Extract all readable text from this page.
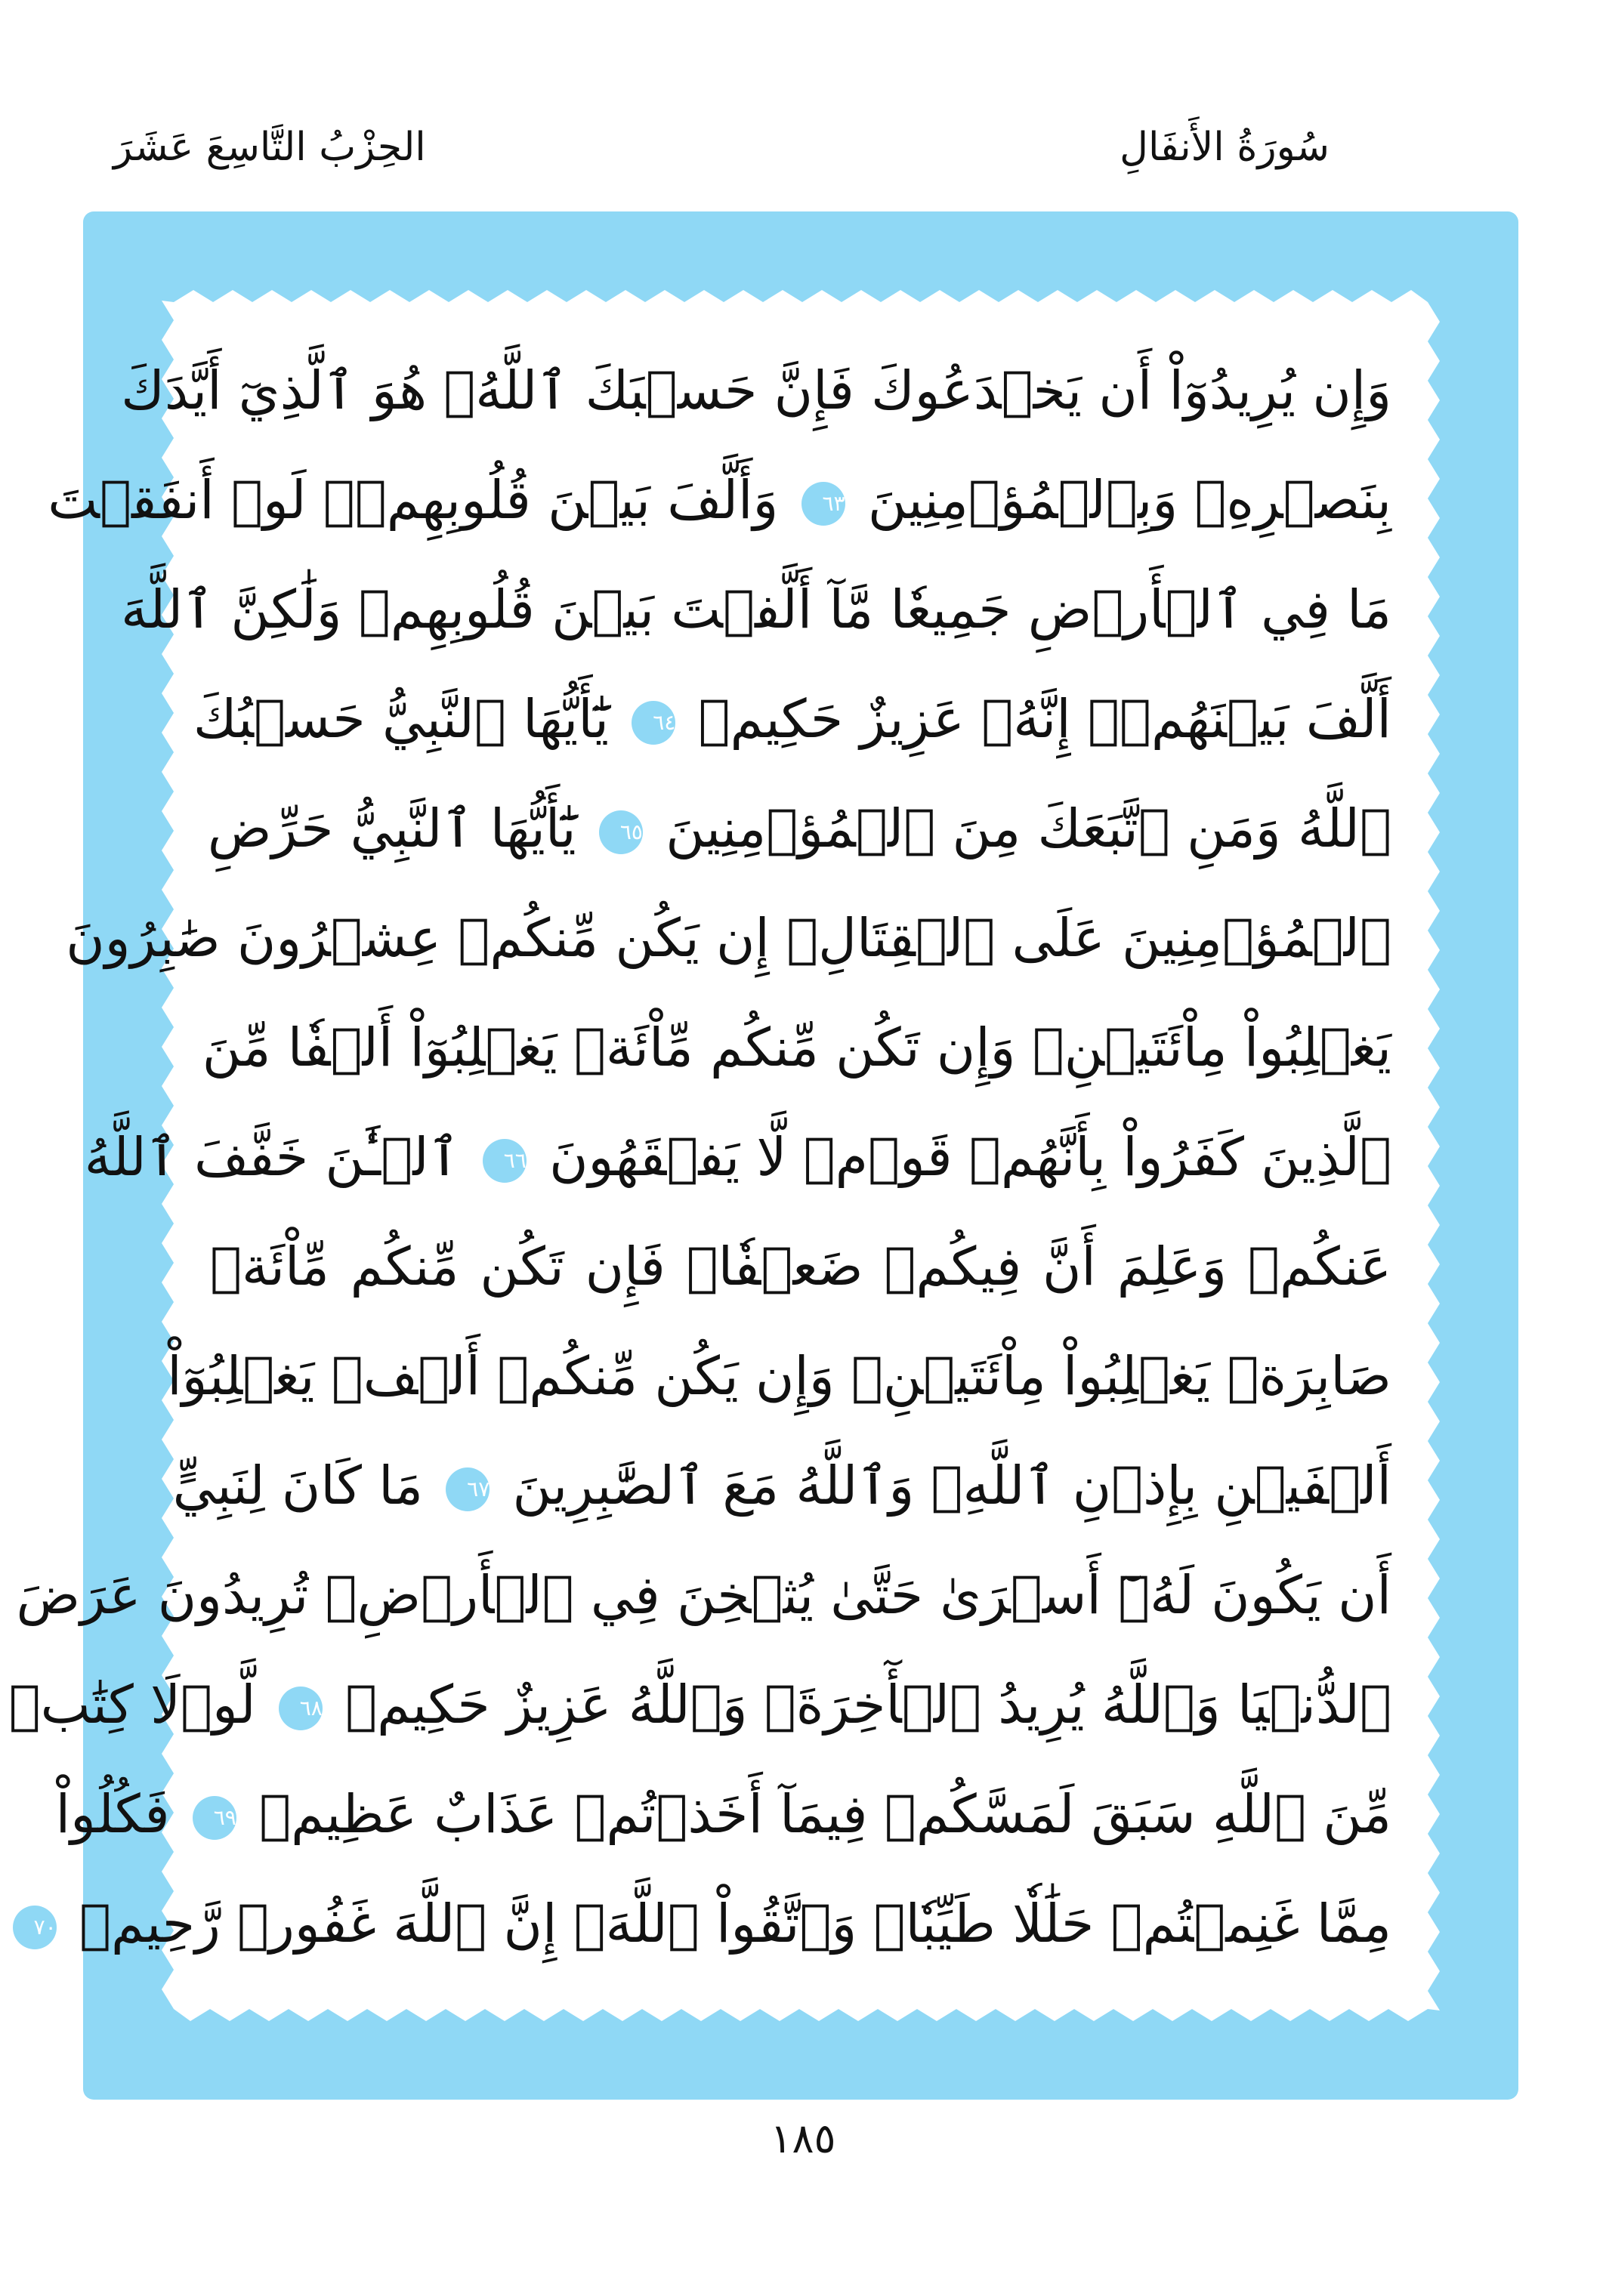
سُورَةُ الأَنفَالِ
الحِزْبُ التَّاسِعَ عَشَرَ
وَإِن يُرِيدُوٓاْ أَن يَخۡدَعُوكَ فَإِنَّ حَسۡبَكَ ٱللَّهُۚ هُوَ ٱلَّذِيٓ أَيَّدَكَ
بِنَصۡرِهِۦ وَبِٱلۡمُؤۡمِنِينَ ٦٣ وَأَلَّفَ بَيۡنَ قُلُوبِهِمۡۚ لَوۡ أَنفَقۡتَ
مَا فِي ٱلۡأَرۡضِ جَمِيعٗا مَّآ أَلَّفۡتَ بَيۡنَ قُلُوبِهِمۡ وَلَٰكِنَّ ٱللَّهَ
أَلَّفَ بَيۡنَهُمۡۚ إِنَّهُۥ عَزِيزٌ حَكِيمٞ ٦٤ يَٰٓأَيُّهَا ٱلنَّبِيُّ حَسۡبُكَ
ٱللَّهُ وَمَنِ ٱتَّبَعَكَ مِنَ ٱلۡمُؤۡمِنِينَ ٦٥ يَٰٓأَيُّهَا ٱلنَّبِيُّ حَرِّضِ
ٱلۡمُؤۡمِنِينَ عَلَى ٱلۡقِتَالِۚ إِن يَكُن مِّنكُمۡ عِشۡرُونَ صَٰبِرُونَ
يَغۡلِبُواْ مِاْئَتَيۡنِۚ وَإِن تَكُن مِّنكُم مِّاْئَةٞ يَغۡلِبُوٓاْ أَلۡفٗا مِّنَ
ٱلَّذِينَ كَفَرُواْ بِأَنَّهُمۡ قَوۡمٞ لَّا يَفۡقَهُونَ ٦٦ ٱلۡـَٰٔنَ خَفَّفَ ٱللَّهُ
عَنكُمۡ وَعَلِمَ أَنَّ فِيكُمۡ ضَعۡفٗاۚ فَإِن تَكُن مِّنكُم مِّاْئَةٞ
صَابِرَةٞ يَغۡلِبُواْ مِاْئَتَيۡنِۚ وَإِن يَكُن مِّنكُمۡ أَلۡفٞ يَغۡلِبُوٓاْ
أَلۡفَيۡنِ بِإِذۡنِ ٱللَّهِۗ وَٱللَّهُ مَعَ ٱلصَّٰبِرِينَ ٦٧ مَا كَانَ لِنَبِيٍّ
أَن يَكُونَ لَهُۥٓ أَسۡرَىٰ حَتَّىٰ يُثۡخِنَ فِي ٱلۡأَرۡضِۚ تُرِيدُونَ عَرَضَ
ٱلدُّنۡيَا وَٱللَّهُ يُرِيدُ ٱلۡأٓخِرَةَۗ وَٱللَّهُ عَزِيزٌ حَكِيمٞ ٦٨ لَّوۡلَا كِتَٰبٞ
مِّنَ ٱللَّهِ سَبَقَ لَمَسَّكُمۡ فِيمَآ أَخَذۡتُمۡ عَذَابٌ عَظِيمٞ ٦٩ فَكُلُواْ
مِمَّا غَنِمۡتُمۡ حَلَٰلٗا طَيِّبٗاۚ وَٱتَّقُواْ ٱللَّهَۚ إِنَّ ٱللَّهَ غَفُورٞ رَّحِيمٞ ٧٠
١٨٥
